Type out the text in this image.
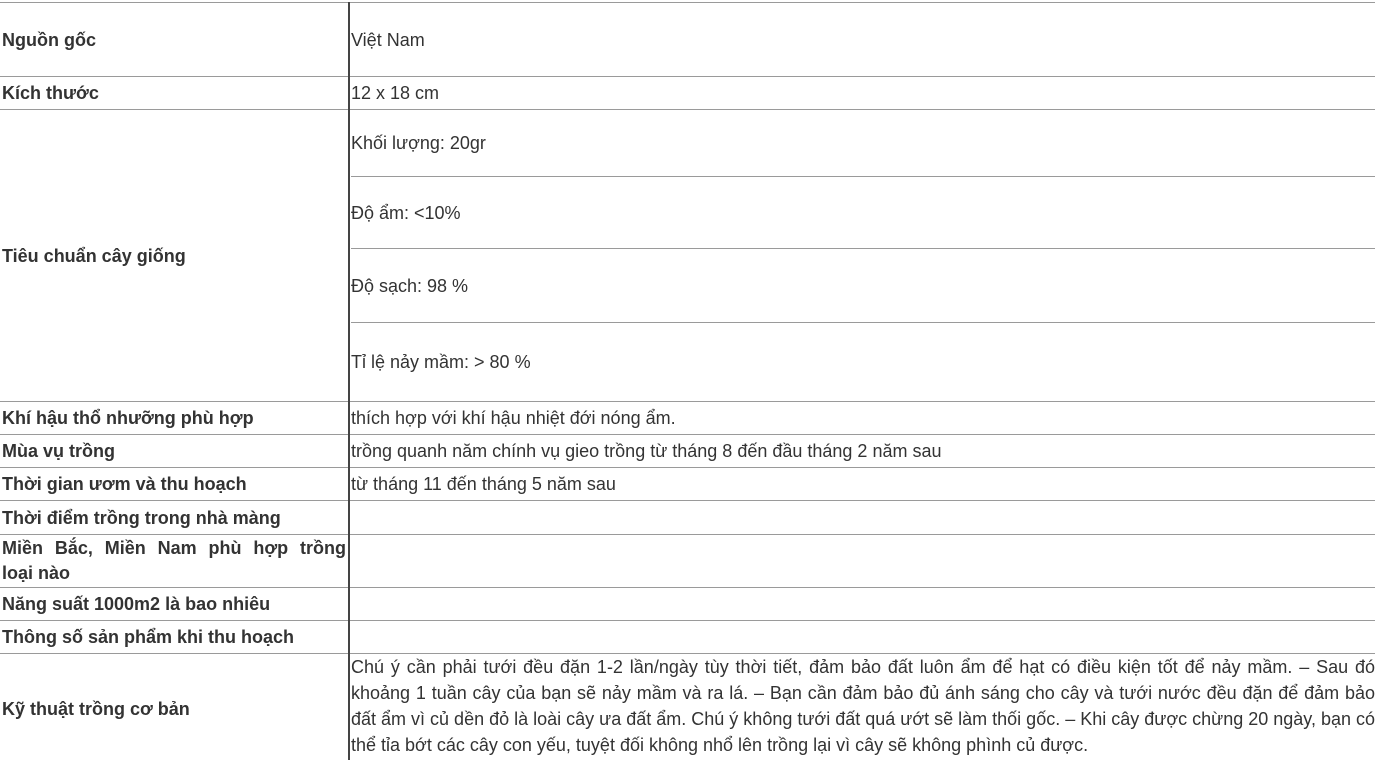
Nguồn gốc	Việt Nam
Kích thước	12 x 18 cm
Tiêu chuẩn cây giống	Khối lượng: 20gr
Độ ẩm: <10%
Độ sạch: 98 %
Tỉ lệ nảy mầm: > 80 %

Khí hậu thổ nhưỡng phù hợp	thích hợp với khí hậu nhiệt đới nóng ẩm.
Mùa vụ trồng	trồng quanh năm chính vụ gieo trồng từ tháng 8 đến đầu tháng 2 năm sau
Thời gian ươm và thu hoạch	từ tháng 11 đến tháng 5 năm sau
Thời điểm trồng trong nhà màng	

Miền Bắc, Miền Nam phù hợp trồng
loại nào	

Năng suất 1000m2 là bao nhiêu	
Thông số sản phẩm khi thu hoạch	
Kỹ thuật trồng cơ bản	Chú ý cần phải tưới đều đặn 1-2 lần/ngày tùy thời tiết, đảm bảo đất luôn ẩm để hạt có điều kiện tốt để nảy mầm. – Sau đó khoảng 1 tuần cây của bạn sẽ nảy mầm và ra lá. – Bạn cần đảm bảo đủ ánh sáng cho cây và tưới nước đều đặn để đảm bảo đất ẩm vì củ dền đỏ là loài cây ưa đất ẩm. Chú ý không tưới đất quá ướt sẽ làm thối gốc. – Khi cây được chừng 20 ngày, bạn có thể tỉa bớt các cây con yếu, tuyệt đối không nhổ lên trồng lại vì cây sẽ không phình củ được.
